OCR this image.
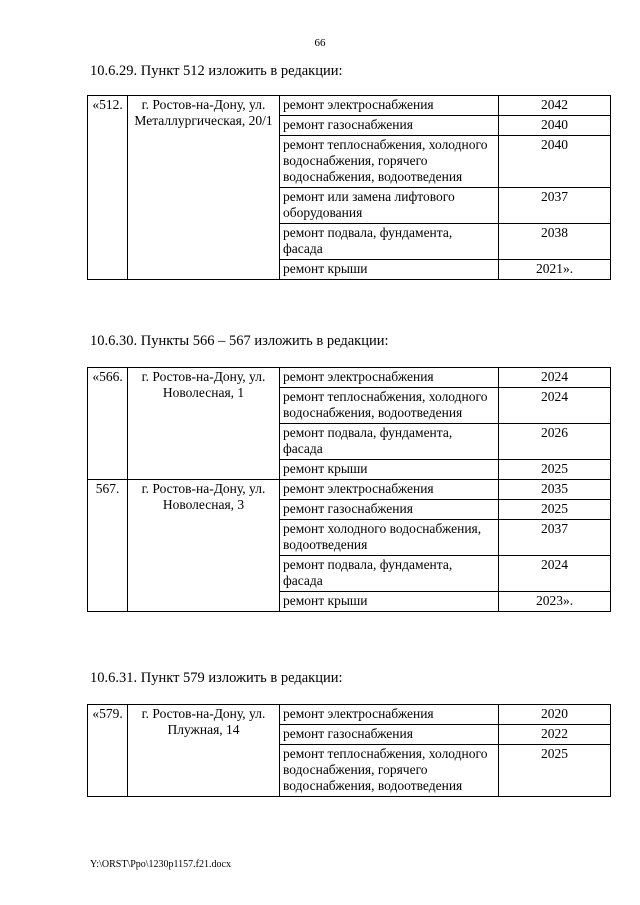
66
10.6.29. Пункт 512 изложить в редакции:
«512.	г. Ростов-на-Дону, ул. Металлургическая, 20/1	ремонт электроснабжения	2042
		ремонт газоснабжения	2040
		ремонт теплоснабжения, холодного водоснабжения, горячего водоснабжения, водоотведения	2040
		ремонт или замена лифтового оборудования	2037
		ремонт подвала, фундамента, фасада	2038
		ремонт крыши	2021».
10.6.30. Пункты 566 – 567 изложить в редакции:
«566.	г. Ростов-на-Дону, ул. Новолесная, 1	ремонт электроснабжения	2024
		ремонт теплоснабжения, холодного водоснабжения, водоотведения	2024
		ремонт подвала, фундамента, фасада	2026
		ремонт крыши	2025
567.	г. Ростов-на-Дону, ул. Новолесная, 3	ремонт электроснабжения	2035
		ремонт газоснабжения	2025
		ремонт холодного водоснабжения, водоотведения	2037
		ремонт подвала, фундамента, фасада	2024
		ремонт крыши	2023».
10.6.31. Пункт 579 изложить в редакции:
«579.	г. Ростов-на-Дону, ул. Плужная, 14	ремонт электроснабжения	2020
		ремонт газоснабжения	2022
		ремонт теплоснабжения, холодного водоснабжения, горячего водоснабжения, водоотведения	2025
Y:\ORST\Ppo\1230p1157.f21.docx
